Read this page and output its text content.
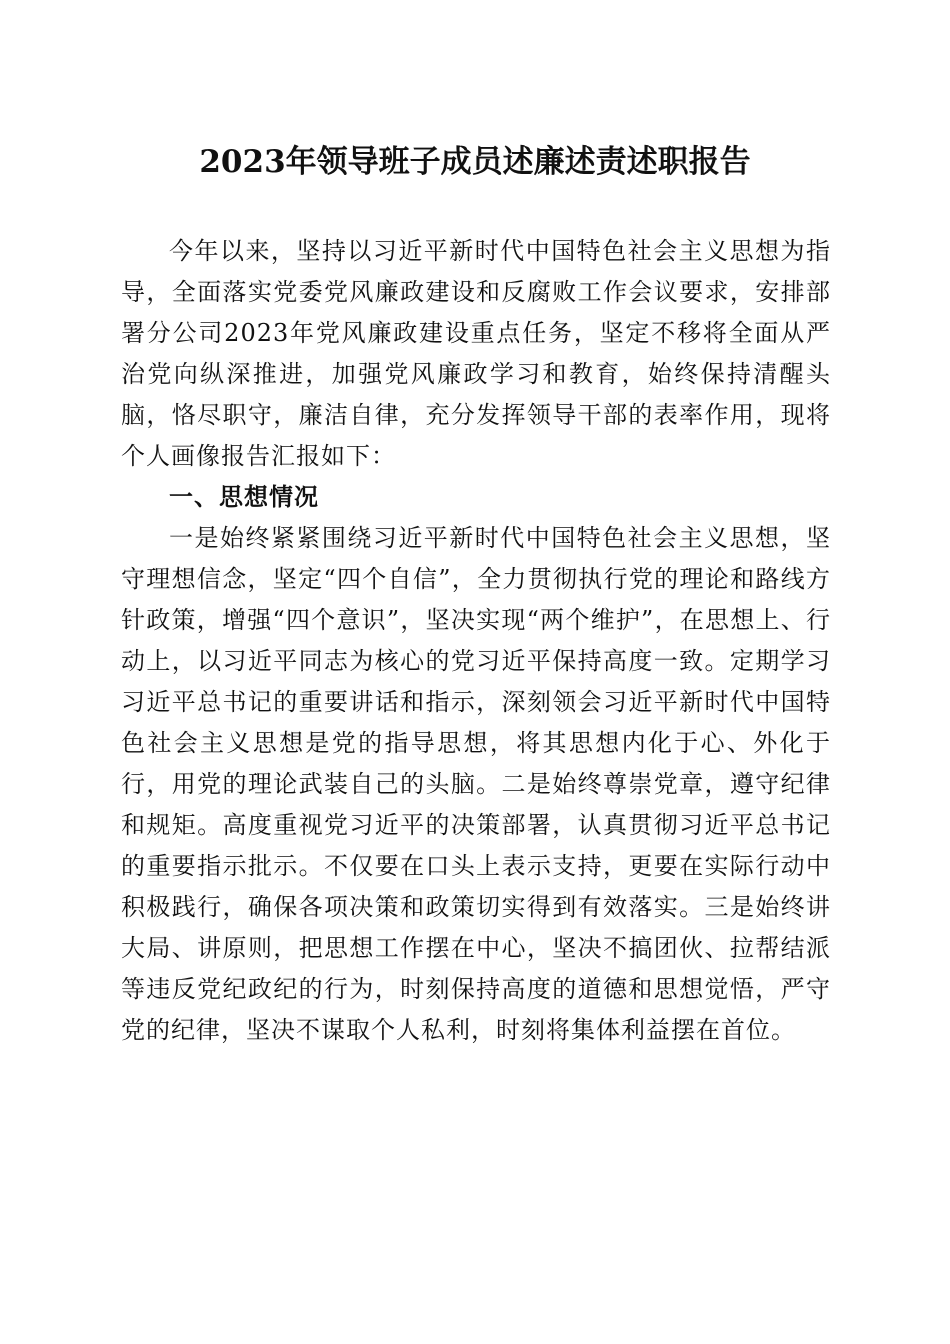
2023年领导班子成员述廉述责述职报告

今年以来，坚持以习近平新时代中国特色社会主义思想为指导，全面落实党委党风廉政建设和反腐败工作会议要求，安排部署分公司2023年党风廉政建设重点任务，坚定不移将全面从严治党向纵深推进，加强党风廉政学习和教育，始终保持清醒头脑，恪尽职守，廉洁自律，充分发挥领导干部的表率作用，现将个人画像报告汇报如下：

一、思想情况

一是始终紧紧围绕习近平新时代中国特色社会主义思想，坚守理想信念，坚定“四个自信”，全力贯彻执行党的理论和路线方针政策，增强“四个意识”，坚决实现“两个维护”，在思想上、行动上，以习近平同志为核心的党习近平保持高度一致。定期学习习近平总书记的重要讲话和指示，深刻领会习近平新时代中国特色社会主义思想是党的指导思想，将其思想内化于心、外化于行，用党的理论武装自己的头脑。二是始终尊崇党章，遵守纪律和规矩。高度重视党习近平的决策部署，认真贯彻习近平总书记的重要指示批示。不仅要在口头上表示支持，更要在实际行动中积极践行，确保各项决策和政策切实得到有效落实。三是始终讲大局、讲原则，把思想工作摆在中心，坚决不搞团伙、拉帮结派等违反党纪政纪的行为，时刻保持高度的道德和思想觉悟，严守党的纪律，坚决不谋取个人私利，时刻将集体利益摆在首位。
